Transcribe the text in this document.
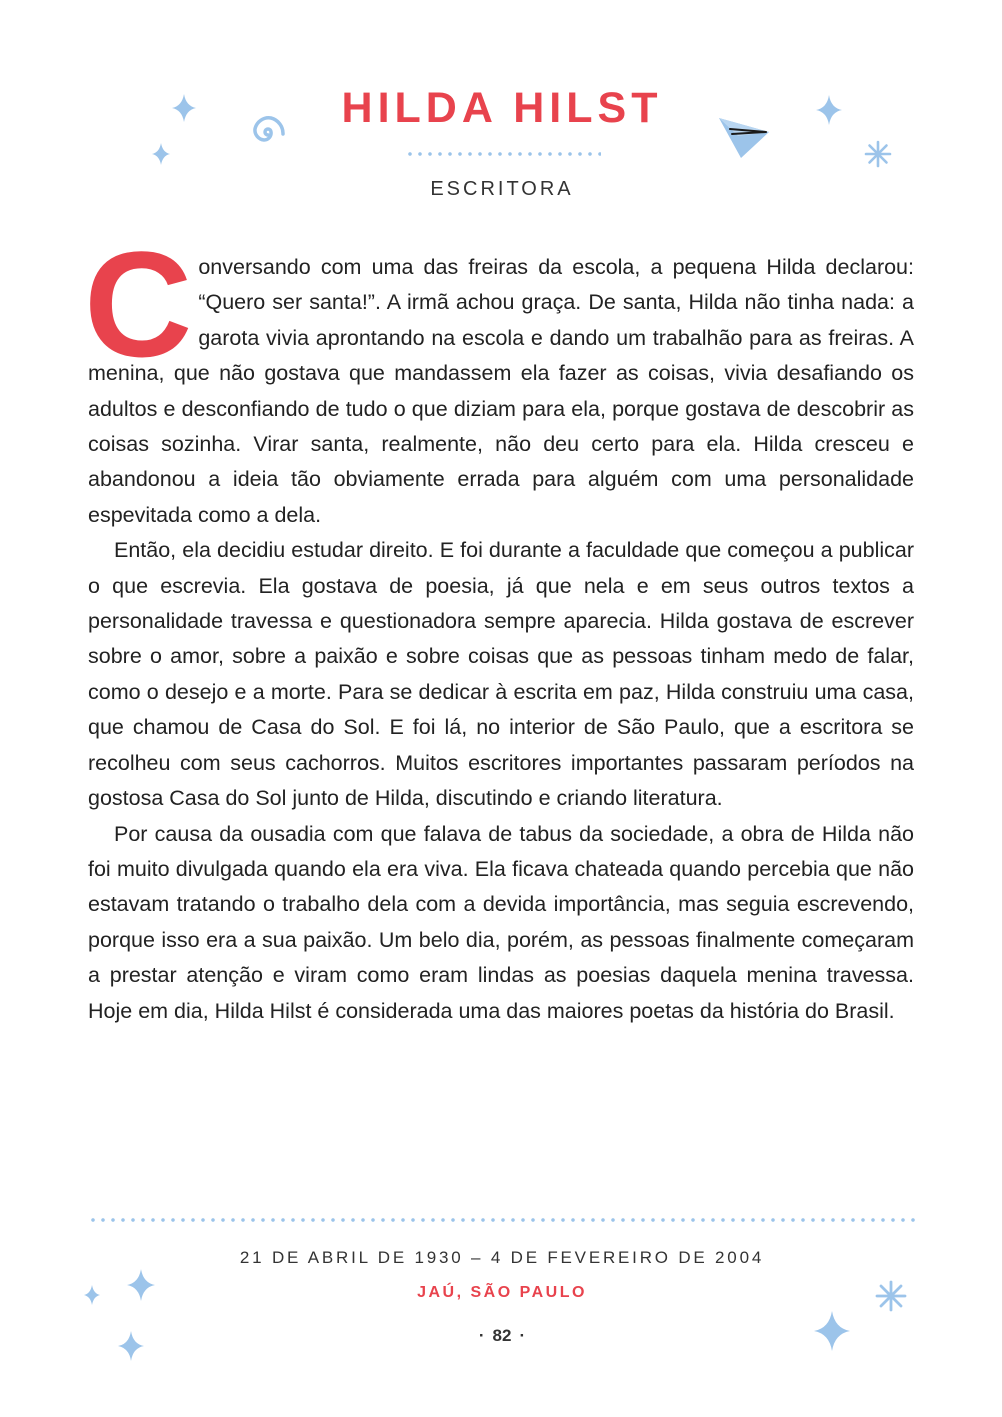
HILDA HILST
ESCRITORA

Conversando com uma das freiras da escola, a pequena Hilda declarou: “Quero ser santa!”. A irmã achou graça. De santa, Hilda não tinha nada: a garota vivia aprontando na escola e dando um trabalhão para as freiras. A menina, que não gostava que mandassem ela fazer as coisas, vivia desafiando os adultos e desconfiando de tudo o que diziam para ela, porque gostava de descobrir as coisas sozinha. Virar santa, realmente, não deu certo para ela. Hilda cresceu e abandonou a ideia tão obviamente errada para alguém com uma personalidade espevitada como a dela.

Então, ela decidiu estudar direito. E foi durante a faculdade que começou a publicar o que escrevia. Ela gostava de poesia, já que nela e em seus outros textos a personalidade travessa e questionadora sempre aparecia. Hilda gostava de escrever sobre o amor, sobre a paixão e sobre coisas que as pessoas tinham medo de falar, como o desejo e a morte. Para se dedicar à escrita em paz, Hilda construiu uma casa, que chamou de Casa do Sol. E foi lá, no interior de São Paulo, que a escritora se recolheu com seus cachorros. Muitos escritores importantes passaram períodos na gostosa Casa do Sol junto de Hilda, discutindo e criando literatura.

Por causa da ousadia com que falava de tabus da sociedade, a obra de Hilda não foi muito divulgada quando ela era viva. Ela ficava chateada quando percebia que não estavam tratando o trabalho dela com a devida importância, mas seguia escrevendo, porque isso era a sua paixão. Um belo dia, porém, as pessoas finalmente começaram a prestar atenção e viram como eram lindas as poesias daquela menina travessa. Hoje em dia, Hilda Hilst é considerada uma das maiores poetas da história do Brasil.

21 DE ABRIL DE 1930 – 4 DE FEVEREIRO DE 2004
JAÚ, SÃO PAULO
· 82 ·
